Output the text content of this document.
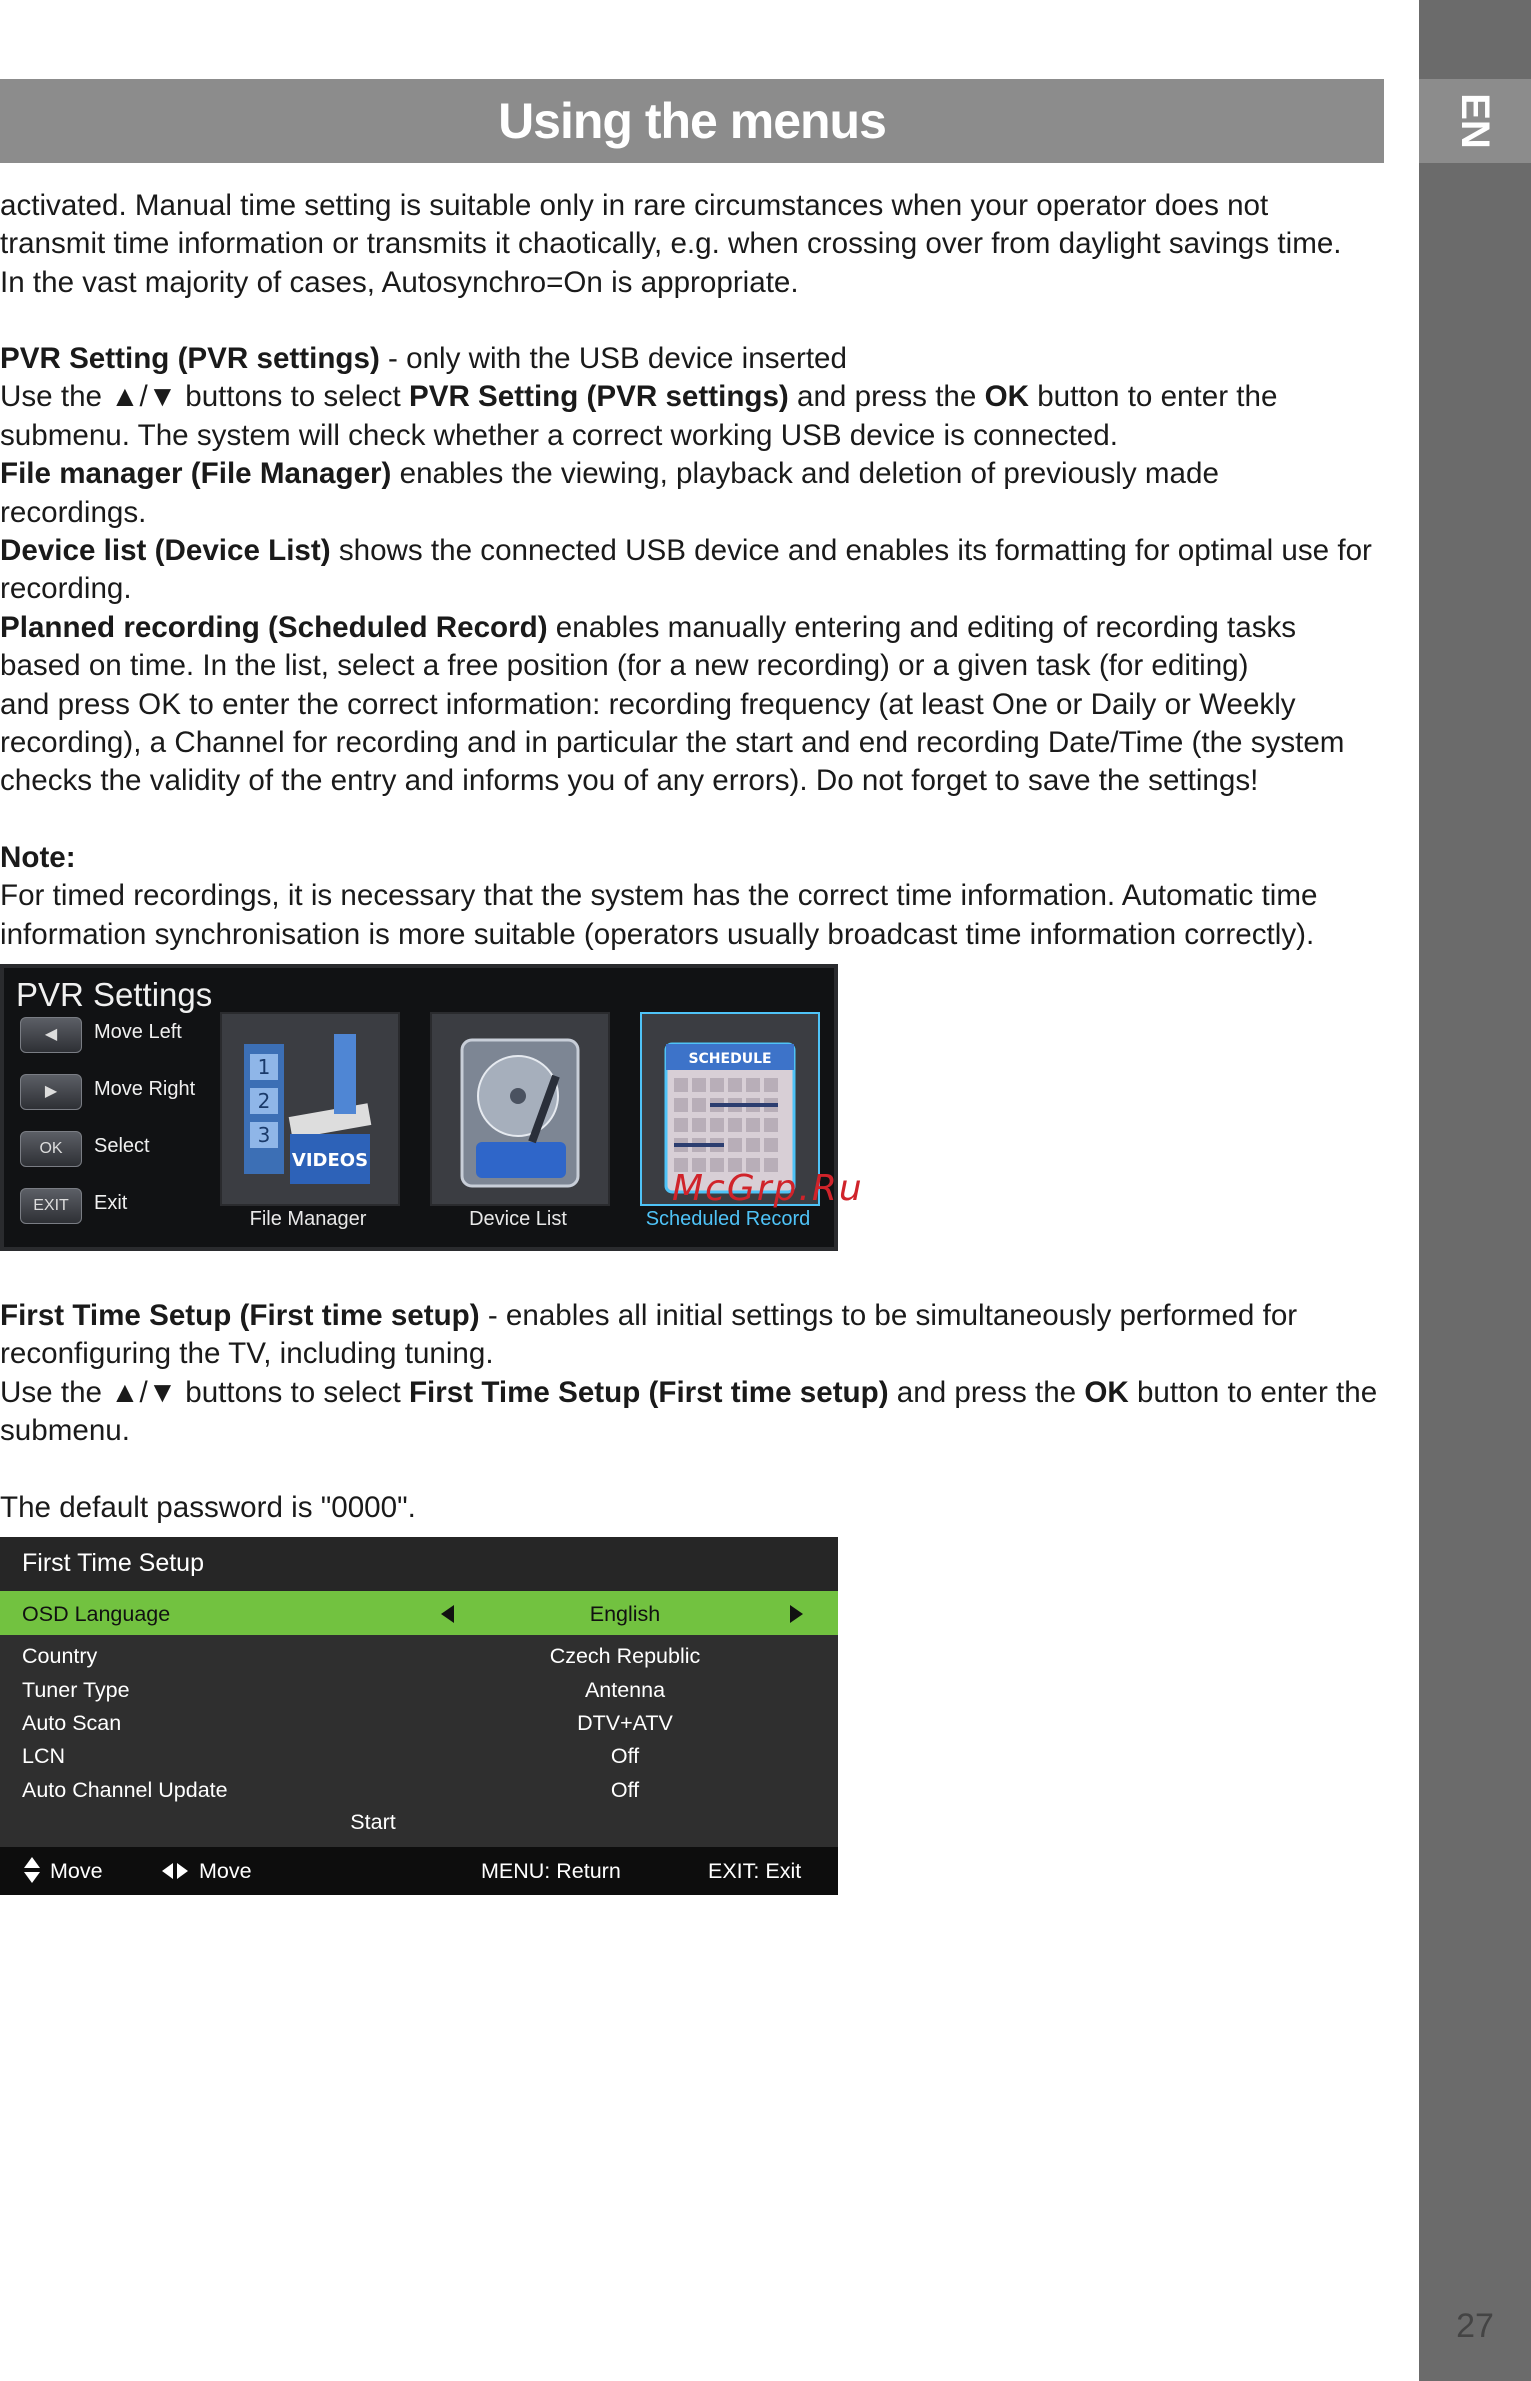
EN
27
Using the menus
activated. Manual time setting is suitable only in rare circumstances when your operator does not
transmit time information or transmits it chaotically, e.g. when crossing over from daylight savings time.
In the vast majority of cases, Autosynchro=On is appropriate.
PVR Setting (PVR settings) - only with the USB device inserted
Use the ▲/▼ buttons to select PVR Setting (PVR settings) and press the OK button to enter the
submenu. The system will check whether a correct working USB device is connected.
File manager (File Manager) enables the viewing, playback and deletion of previously made
recordings.
Device list (Device List) shows the connected USB device and enables its formatting for optimal use for
recording.
Planned recording (Scheduled Record) enables manually entering and editing of recording tasks
based on time. In the list, select a free position (for a new recording) or a given task (for editing)
and press OK to enter the correct information: recording frequency (at least One or Daily or Weekly
recording), a Channel for recording and in particular the start and end recording Date/Time (the system
checks the validity of the entry and informs you of any errors). Do not forget to save the settings!
Note:
For timed recordings, it is necessary that the system has the correct time information. Automatic time
information synchronisation is more suitable (operators usually broadcast time information correctly).
PVR Settings
◀	Move Left
▶	Move Right
OK	Select
EXIT	Exit
1
2
3
VIDEOS
File Manager	Device List
SCHEDULE
Scheduled Record
McGrp.Ru
First Time Setup (First time setup) - enables all initial settings to be simultaneously performed for
reconfiguring the TV, including tuning.
Use the ▲/▼ buttons to select First Time Setup (First time setup) and press the OK button to enter the
submenu.
The default password is "0000".
First Time Setup
OSD Language	English
Country	Czech Republic
Tuner Type	Antenna
Auto Scan	DTV+ATV
LCN	Off
Auto Channel Update	Off
Start
Move	Move	MENU: Return	EXIT: Exit
